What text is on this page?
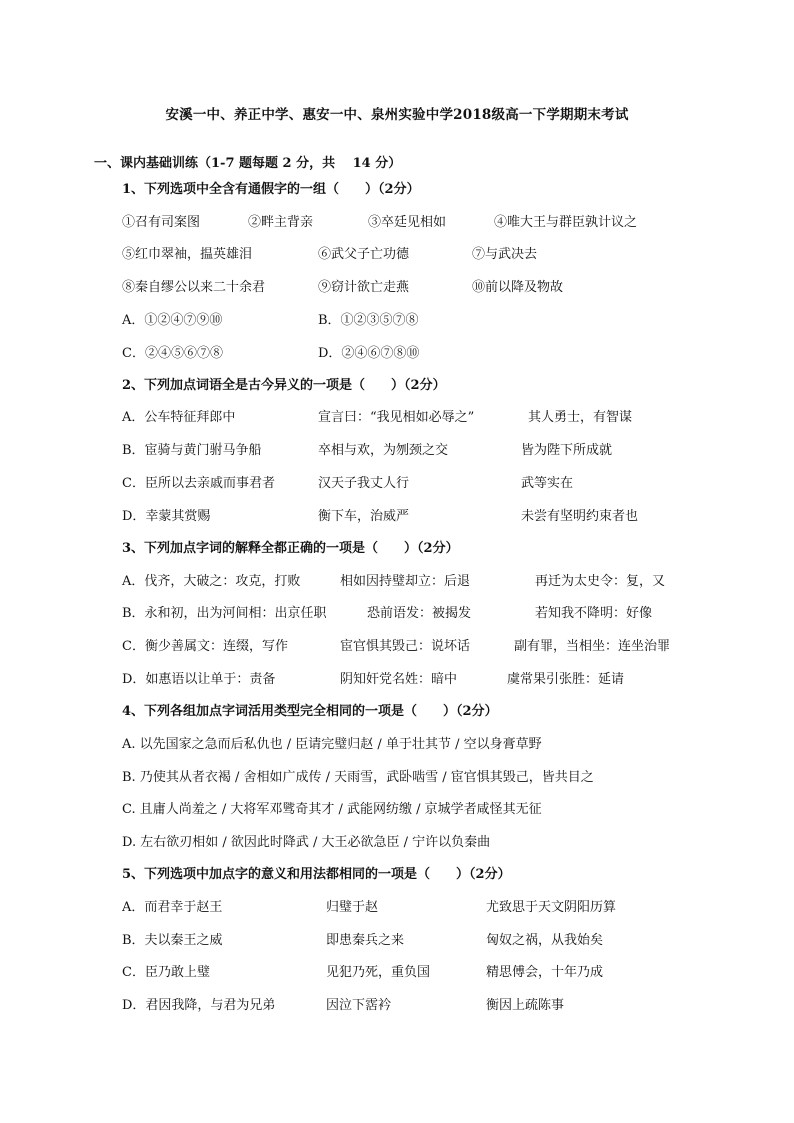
安溪一中、养正中学、惠安一中、泉州实验中学2018级高一下学期期末考试
一、课内基础训练（1-7 题每题 2 分，共　 14 分）
1、下列选项中全含有通假字的一组（　　）（2分）
①召有司案图	②畔主背亲	③卒廷见相如	④唯大王与群臣孰计议之
⑤红巾翠袖，揾英雄泪	⑥武父子亡功德	⑦与武决去
⑧秦自缪公以来二十余君	⑨窃计欲亡走燕	⑩前以降及物故
A．①②④⑦⑨⑩	B．①②③⑤⑦⑧
C．②④⑤⑥⑦⑧	D．②④⑥⑦⑧⑩
2、下列加点词语全是古今异义的一项是（　　）（2分）
A．公车特征拜郎中	宣言曰：“我见相如必辱之”	其人勇士，有智谋
B．宦骑与黄门驸马争船	卒相与欢，为刎颈之交	皆为陛下所成就
C．臣所以去亲戚而事君者	汉天子我丈人行	武等实在
D．幸蒙其赏赐	衡下车，治威严	未尝有坚明约束者也
3、下列加点字词的解释全都正确的一项是（　　）（2分）
A．伐齐，大破之：攻克，打败	相如因持璧却立：后退	再迁为太史令：复，又
B．永和初，出为河间相：出京任职	恐前语发：被揭发	若知我不降明：好像
C．衡少善属文：连缀，写作	宦官惧其毁己：说坏话	副有罪，当相坐：连坐治罪
D．如惠语以让单于：责备	阴知奸党名姓：暗中	虞常果引张胜：延请
4、下列各组加点字词活用类型完全相同的一项是（　　）（2分）
A. 以先国家之急而后私仇也 / 臣请完璧归赵 / 单于壮其节 / 空以身膏草野
B. 乃使其从者衣褐 / 舍相如广成传 / 天雨雪，武卧啮雪 / 宦官惧其毁己，皆共目之
C. 且庸人尚羞之 / 大将军邓骘奇其才 / 武能网纺缴 / 京城学者咸怪其无征
D. 左右欲刃相如 / 欲因此时降武 / 大王必欲急臣 / 宁许以负秦曲
5、下列选项中加点字的意义和用法都相同的一项是（　　）（2分）
A．而君幸于赵王	归璧于赵	尤致思于天文阴阳历算
B．夫以秦王之威	即患秦兵之来	匈奴之祸，从我始矣
C．臣乃敢上璧	见犯乃死，重负国	精思傅会，十年乃成
D．君因我降，与君为兄弟	因泣下霑衿	衡因上疏陈事
